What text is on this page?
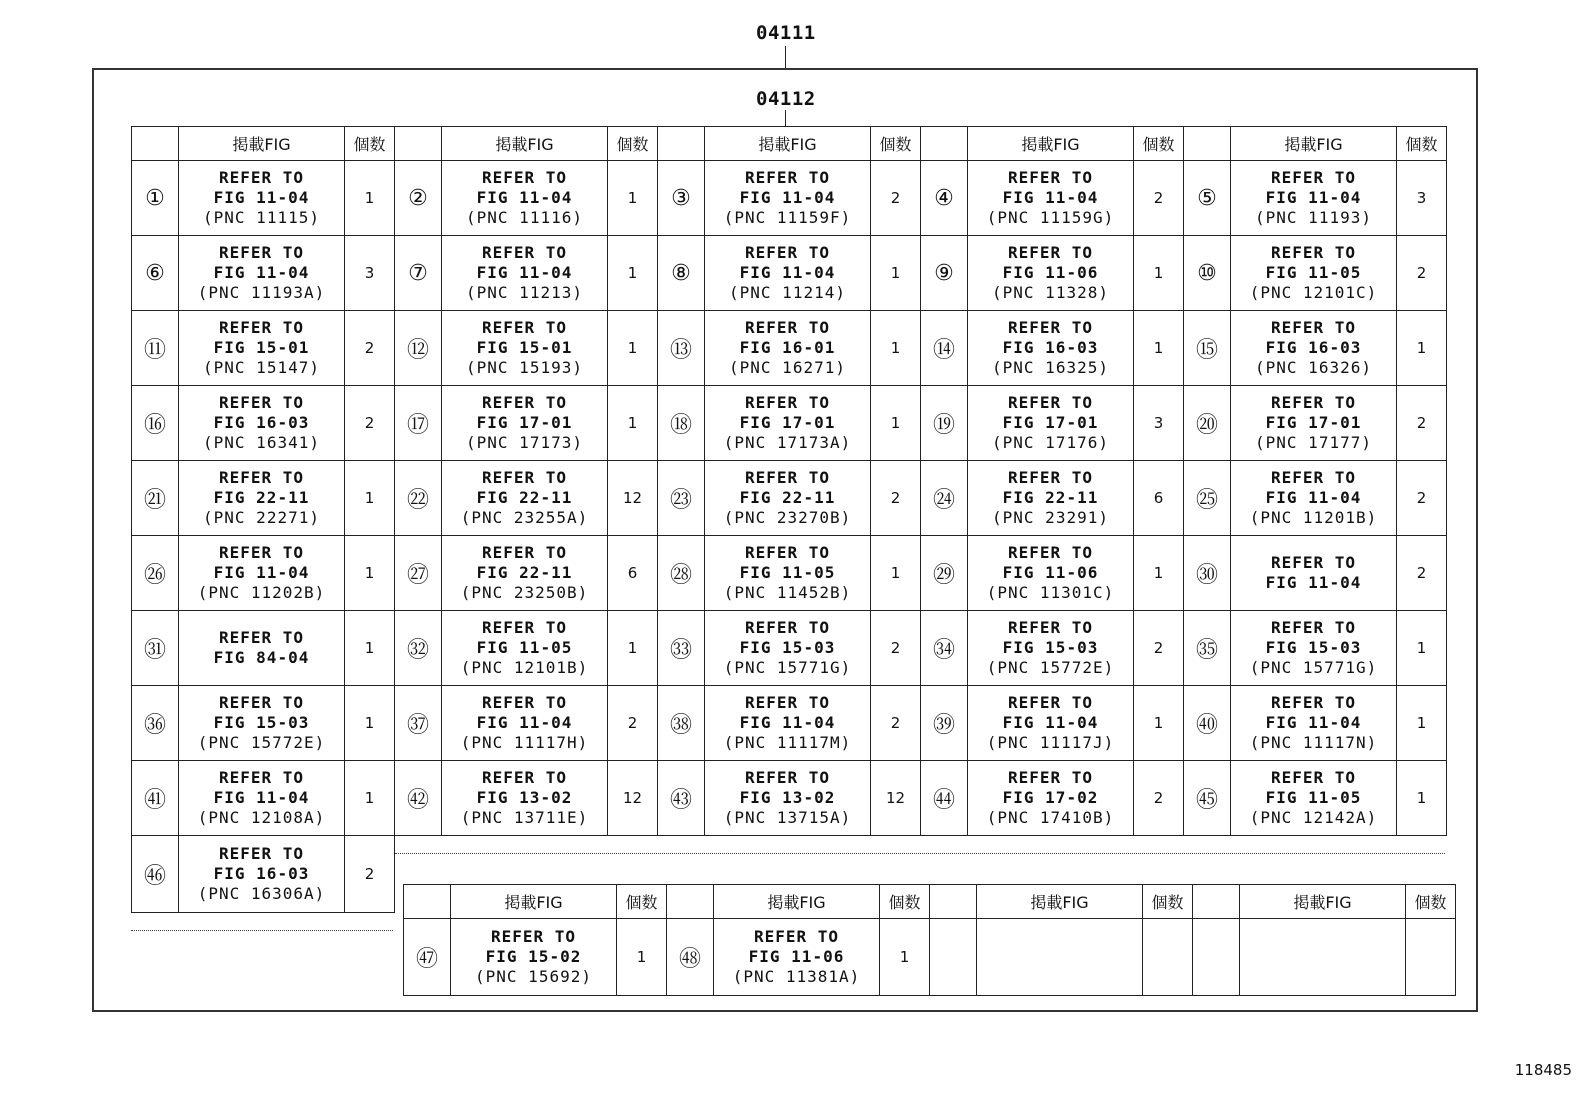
04111
04112
	掲載FIG	個数		掲載FIG	個数		掲載FIG	個数		掲載FIG	個数		掲載FIG	個数
①	REFER TO
FIG 11-04
(PNC 11115)	1	②	REFER TO
FIG 11-04
(PNC 11116)	1	③	REFER TO
FIG 11-04
(PNC 11159F)	2	④	REFER TO
FIG 11-04
(PNC 11159G)	2	⑤	REFER TO
FIG 11-04
(PNC 11193)	3
⑥	REFER TO
FIG 11-04
(PNC 11193A)	3	⑦	REFER TO
FIG 11-04
(PNC 11213)	1	⑧	REFER TO
FIG 11-04
(PNC 11214)	1	⑨	REFER TO
FIG 11-06
(PNC 11328)	1	⑩	REFER TO
FIG 11-05
(PNC 12101C)	2
⑪	REFER TO
FIG 15-01
(PNC 15147)	2	⑫	REFER TO
FIG 15-01
(PNC 15193)	1	⑬	REFER TO
FIG 16-01
(PNC 16271)	1	⑭	REFER TO
FIG 16-03
(PNC 16325)	1	⑮	REFER TO
FIG 16-03
(PNC 16326)	1
⑯	REFER TO
FIG 16-03
(PNC 16341)	2	⑰	REFER TO
FIG 17-01
(PNC 17173)	1	⑱	REFER TO
FIG 17-01
(PNC 17173A)	1	⑲	REFER TO
FIG 17-01
(PNC 17176)	3	⑳	REFER TO
FIG 17-01
(PNC 17177)	2
㉑	REFER TO
FIG 22-11
(PNC 22271)	1	㉒	REFER TO
FIG 22-11
(PNC 23255A)	12	㉓	REFER TO
FIG 22-11
(PNC 23270B)	2	㉔	REFER TO
FIG 22-11
(PNC 23291)	6	㉕	REFER TO
FIG 11-04
(PNC 11201B)	2
㉖	REFER TO
FIG 11-04
(PNC 11202B)	1	㉗	REFER TO
FIG 22-11
(PNC 23250B)	6	㉘	REFER TO
FIG 11-05
(PNC 11452B)	1	㉙	REFER TO
FIG 11-06
(PNC 11301C)	1	㉚	REFER TO
FIG 11-04	2
㉛	REFER TO
FIG 84-04	1	㉜	REFER TO
FIG 11-05
(PNC 12101B)	1	㉝	REFER TO
FIG 15-03
(PNC 15771G)	2	㉞	REFER TO
FIG 15-03
(PNC 15772E)	2	㉟	REFER TO
FIG 15-03
(PNC 15771G)	1
㊱	REFER TO
FIG 15-03
(PNC 15772E)	1	㊲	REFER TO
FIG 11-04
(PNC 11117H)	2	㊳	REFER TO
FIG 11-04
(PNC 11117M)	2	㊴	REFER TO
FIG 11-04
(PNC 11117J)	1	㊵	REFER TO
FIG 11-04
(PNC 11117N)	1
㊶	REFER TO
FIG 11-04
(PNC 12108A)	1	㊷	REFER TO
FIG 13-02
(PNC 13711E)	12	㊸	REFER TO
FIG 13-02
(PNC 13715A)	12	㊹	REFER TO
FIG 17-02
(PNC 17410B)	2	㊺	REFER TO
FIG 11-05
(PNC 12142A)	1
㊻	REFER TO
FIG 16-03
(PNC 16306A)	2												
	掲載FIG	個数		掲載FIG	個数		掲載FIG	個数		掲載FIG	個数
㊼	REFER TO
FIG 15-02
(PNC 15692)	1	㊽	REFER TO
FIG 11-06
(PNC 11381A)	1						
118485
